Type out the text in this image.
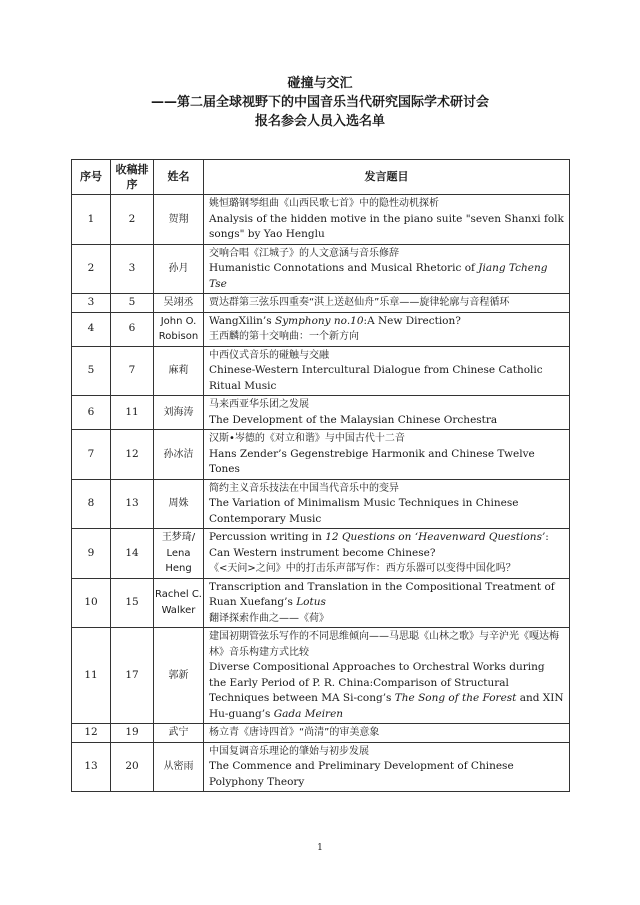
碰撞与交汇
——第二届全球视野下的中国音乐当代研究国际学术研讨会
报名参会人员入选名单
序号	收稿排序	姓名	发言题目
1	2	贺翔	姚恒璐钢琴组曲《山西民歌七首》中的隐性动机探析
Analysis of the hidden motive in the piano suite "seven Shanxi folk songs" by Yao Henglu
2	3	孙月	交响合唱《江城子》的人文意涵与音乐修辞
Humanistic Connotations and Musical Rhetoric of Jiang Tcheng Tse
3	5	吴翊丞	贾达群第三弦乐四重奏“淇上送赵仙舟”乐章——旋律轮廓与音程循环

4	6	John O. Robison	WangXilin’s Symphony no.10:A New Direction?

王西麟的第十交响曲：一个新方向

5	7	麻莉	中西仪式音乐的碰触与交融
Chinese-Western Intercultural Dialogue from Chinese Catholic Ritual Music
6	11	刘海涛	马来西亚华乐团之发展
The Development of the Malaysian Chinese Orchestra
7	12	孙冰洁	汉斯•岑德的《对立和谐》与中国古代十二音
Hans Zender’s Gegenstrebige Harmonik and Chinese Twelve Tones
8	13	周姝	简约主义音乐技法在中国当代音乐中的变异
The Variation of Minimalism Music Techniques in Chinese Contemporary Music
9	14	王梦琦/ Lena Heng	Percussion writing in 12 Questions on ‘Heavenward Questions’: Can Western instrument become Chinese?

《<天问>之问》中的打击乐声部写作：西方乐器可以变得中国化吗？

10	15	Rachel C. Walker	Transcription and Translation in the Compositional Treatment of Ruan Xuefang’s Lotus

翻译探索作曲之——《荷》

11	17	郭新	建国初期管弦乐写作的不同思维倾向——马思聪《山林之歌》与辛沪光《嘎达梅林》音乐构建方式比较
Diverse Compositional Approaches to Orchestral Works during the Early Period of P. R. China:Comparison of Structural Techniques between MA Si-cong’s The Song of the Forest and XIN Hu-guang’s Gada Meiren
12	19	武宁	杨立青《唐诗四首》“尚清”的审美意象

13	20	从密雨	中国复调音乐理论的肇始与初步发展
The Commence and Preliminary Development of Chinese Polyphony Theory
1
